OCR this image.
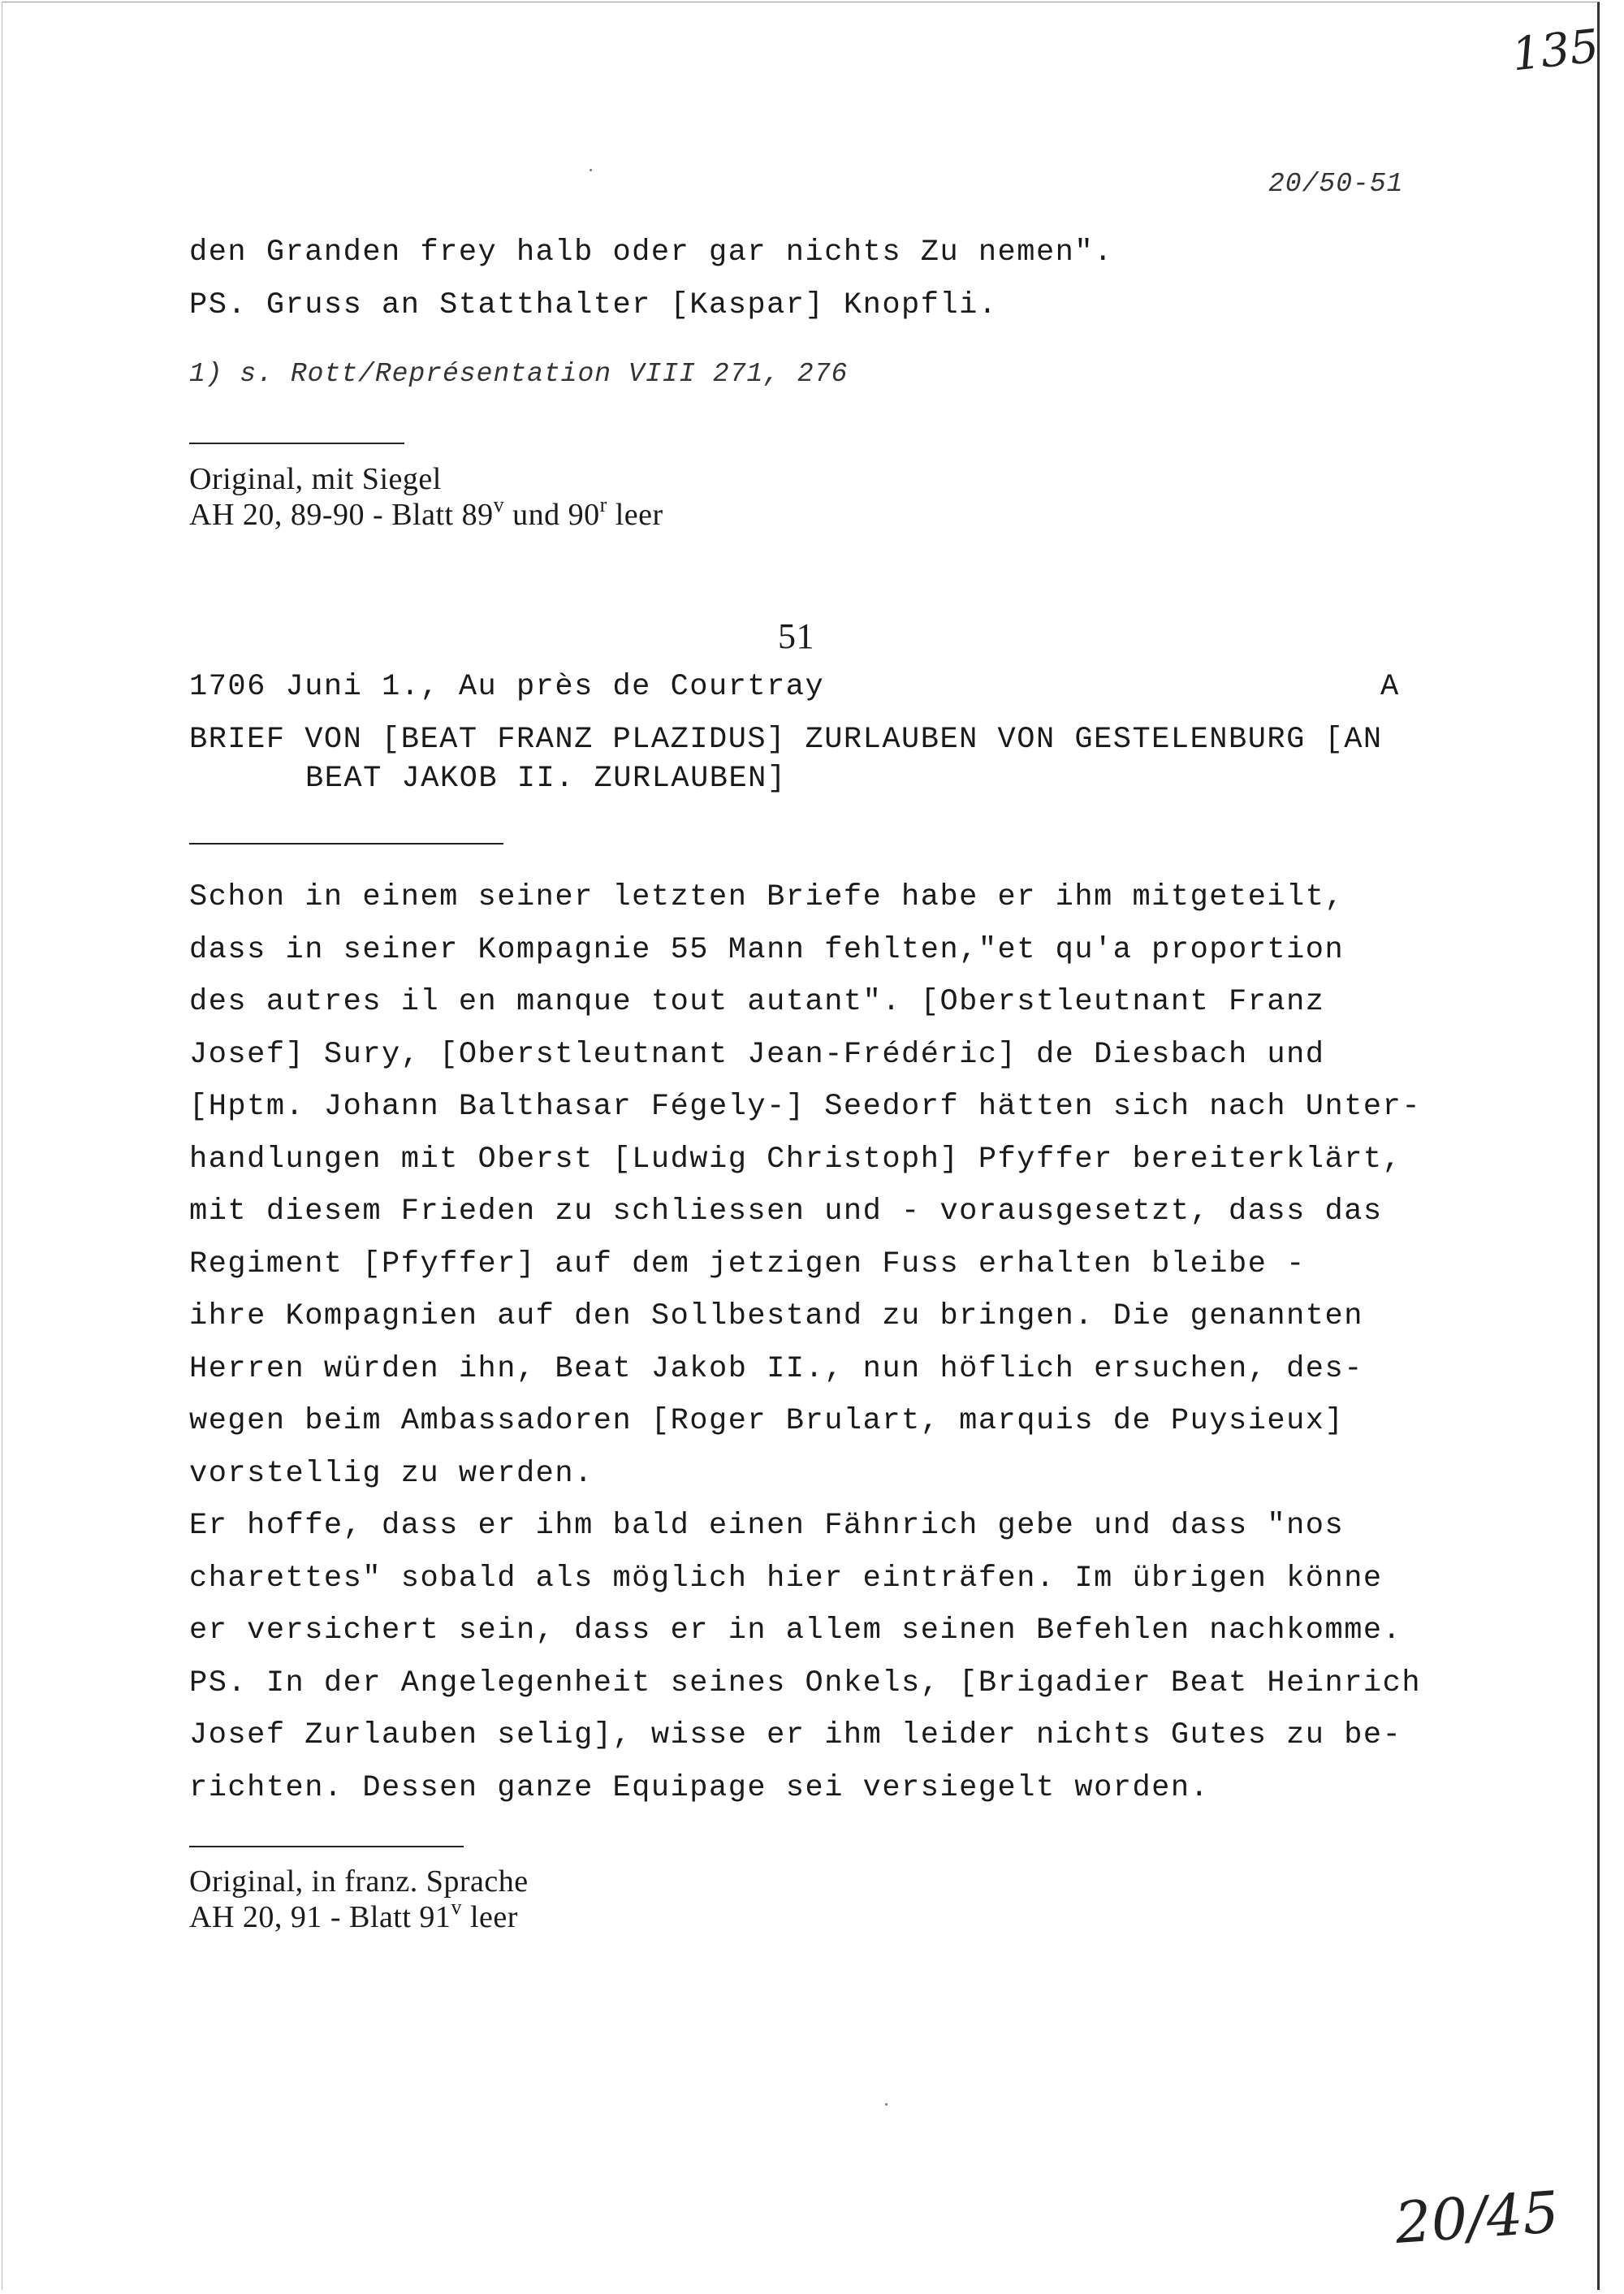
135
20/50-51
den Granden frey halb oder gar nichts Zu nemen".
PS. Gruss an Statthalter [Kaspar] Knopfli.
1) s. Rott/Représentation VIII 271, 276
Original, mit Siegel
AH 20, 89-90 - Blatt 89$^v$ und 90$^r$ leer
51
1706 Juni 1., Au près de Courtray	A
BRIEF VON [BEAT FRANZ PLAZIDUS] ZURLAUBEN VON GESTELENBURG [AN
BEAT JAKOB II. ZURLAUBEN]
Schon in einem seiner letzten Briefe habe er ihm mitgeteilt,
dass in seiner Kompagnie 55 Mann fehlten,"et qu'a proportion
des autres il en manque tout autant". [Oberstleutnant Franz
Josef] Sury, [Oberstleutnant Jean-Frédéric] de Diesbach und
[Hptm. Johann Balthasar Fégely-] Seedorf hätten sich nach Unter-
handlungen mit Oberst [Ludwig Christoph] Pfyffer bereiterklärt,
mit diesem Frieden zu schliessen und - vorausgesetzt, dass das
Regiment [Pfyffer] auf dem jetzigen Fuss erhalten bleibe -
ihre Kompagnien auf den Sollbestand zu bringen. Die genannten
Herren würden ihn, Beat Jakob II., nun höflich ersuchen, des-
wegen beim Ambassadoren [Roger Brulart, marquis de Puysieux]
vorstellig zu werden.
Er hoffe, dass er ihm bald einen Fähnrich gebe und dass "nos
charettes" sobald als möglich hier einträfen. Im übrigen könne
er versichert sein, dass er in allem seinen Befehlen nachkomme.
PS. In der Angelegenheit seines Onkels, [Brigadier Beat Heinrich
Josef Zurlauben selig], wisse er ihm leider nichts Gutes zu be-
richten. Dessen ganze Equipage sei versiegelt worden.
Original, in franz. Sprache
AH 20, 91 - Blatt 91$^v$ leer
20/45
